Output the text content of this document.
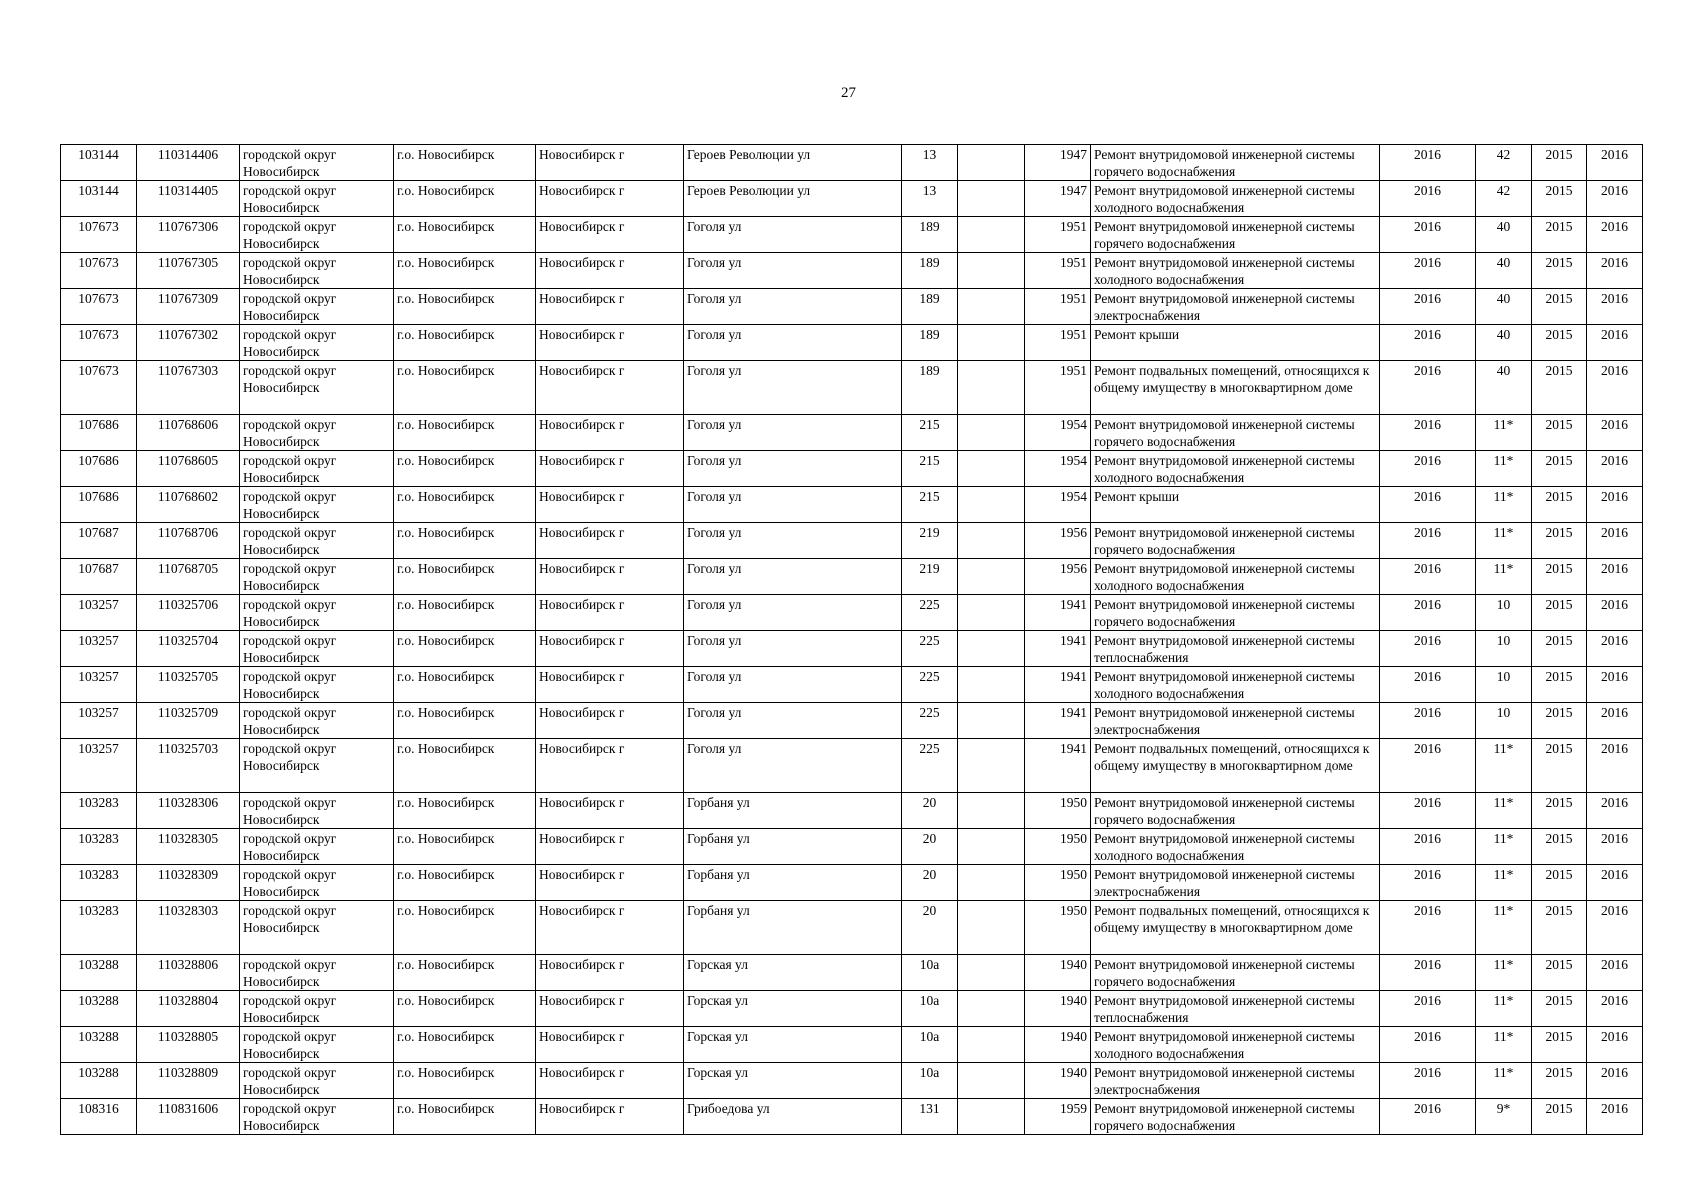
27
103144	110314406	городской округ Новосибирск	г.о. Новосибирск	Новосибирск г	Героев Революции ул	13		1947	Ремонт внутридомовой инженерной системы горячего водоснабжения	2016	42	2015	2016
103144	110314405	городской округ Новосибирск	г.о. Новосибирск	Новосибирск г	Героев Революции ул	13		1947	Ремонт внутридомовой инженерной системы холодного водоснабжения	2016	42	2015	2016
107673	110767306	городской округ Новосибирск	г.о. Новосибирск	Новосибирск г	Гоголя ул	189		1951	Ремонт внутридомовой инженерной системы горячего водоснабжения	2016	40	2015	2016
107673	110767305	городской округ Новосибирск	г.о. Новосибирск	Новосибирск г	Гоголя ул	189		1951	Ремонт внутридомовой инженерной системы холодного водоснабжения	2016	40	2015	2016
107673	110767309	городской округ Новосибирск	г.о. Новосибирск	Новосибирск г	Гоголя ул	189		1951	Ремонт внутридомовой инженерной системы электроснабжения	2016	40	2015	2016
107673	110767302	городской округ Новосибирск	г.о. Новосибирск	Новосибирск г	Гоголя ул	189		1951	Ремонт крыши	2016	40	2015	2016
107673	110767303	городской округ Новосибирск	г.о. Новосибирск	Новосибирск г	Гоголя ул	189		1951	Ремонт подвальных помещений, относящихся к общему имуществу в многоквартирном доме	2016	40	2015	2016
107686	110768606	городской округ Новосибирск	г.о. Новосибирск	Новосибирск г	Гоголя ул	215		1954	Ремонт внутридомовой инженерной системы горячего водоснабжения	2016	11*	2015	2016
107686	110768605	городской округ Новосибирск	г.о. Новосибирск	Новосибирск г	Гоголя ул	215		1954	Ремонт внутридомовой инженерной системы холодного водоснабжения	2016	11*	2015	2016
107686	110768602	городской округ Новосибирск	г.о. Новосибирск	Новосибирск г	Гоголя ул	215		1954	Ремонт крыши	2016	11*	2015	2016
107687	110768706	городской округ Новосибирск	г.о. Новосибирск	Новосибирск г	Гоголя ул	219		1956	Ремонт внутридомовой инженерной системы горячего водоснабжения	2016	11*	2015	2016
107687	110768705	городской округ Новосибирск	г.о. Новосибирск	Новосибирск г	Гоголя ул	219		1956	Ремонт внутридомовой инженерной системы холодного водоснабжения	2016	11*	2015	2016
103257	110325706	городской округ Новосибирск	г.о. Новосибирск	Новосибирск г	Гоголя ул	225		1941	Ремонт внутридомовой инженерной системы горячего водоснабжения	2016	10	2015	2016
103257	110325704	городской округ Новосибирск	г.о. Новосибирск	Новосибирск г	Гоголя ул	225		1941	Ремонт внутридомовой инженерной системы теплоснабжения	2016	10	2015	2016
103257	110325705	городской округ Новосибирск	г.о. Новосибирск	Новосибирск г	Гоголя ул	225		1941	Ремонт внутридомовой инженерной системы холодного водоснабжения	2016	10	2015	2016
103257	110325709	городской округ Новосибирск	г.о. Новосибирск	Новосибирск г	Гоголя ул	225		1941	Ремонт внутридомовой инженерной системы электроснабжения	2016	10	2015	2016
103257	110325703	городской округ Новосибирск	г.о. Новосибирск	Новосибирск г	Гоголя ул	225		1941	Ремонт подвальных помещений, относящихся к общему имуществу в многоквартирном доме	2016	11*	2015	2016
103283	110328306	городской округ Новосибирск	г.о. Новосибирск	Новосибирск г	Горбаня ул	20		1950	Ремонт внутридомовой инженерной системы горячего водоснабжения	2016	11*	2015	2016
103283	110328305	городской округ Новосибирск	г.о. Новосибирск	Новосибирск г	Горбаня ул	20		1950	Ремонт внутридомовой инженерной системы холодного водоснабжения	2016	11*	2015	2016
103283	110328309	городской округ Новосибирск	г.о. Новосибирск	Новосибирск г	Горбаня ул	20		1950	Ремонт внутридомовой инженерной системы электроснабжения	2016	11*	2015	2016
103283	110328303	городской округ Новосибирск	г.о. Новосибирск	Новосибирск г	Горбаня ул	20		1950	Ремонт подвальных помещений, относящихся к общему имуществу в многоквартирном доме	2016	11*	2015	2016
103288	110328806	городской округ Новосибирск	г.о. Новосибирск	Новосибирск г	Горская ул	10а		1940	Ремонт внутридомовой инженерной системы горячего водоснабжения	2016	11*	2015	2016
103288	110328804	городской округ Новосибирск	г.о. Новосибирск	Новосибирск г	Горская ул	10а		1940	Ремонт внутридомовой инженерной системы теплоснабжения	2016	11*	2015	2016
103288	110328805	городской округ Новосибирск	г.о. Новосибирск	Новосибирск г	Горская ул	10а		1940	Ремонт внутридомовой инженерной системы холодного водоснабжения	2016	11*	2015	2016
103288	110328809	городской округ Новосибирск	г.о. Новосибирск	Новосибирск г	Горская ул	10а		1940	Ремонт внутридомовой инженерной системы электроснабжения	2016	11*	2015	2016
108316	110831606	городской округ Новосибирск	г.о. Новосибирск	Новосибирск г	Грибоедова ул	131		1959	Ремонт внутридомовой инженерной системы горячего водоснабжения	2016	9*	2015	2016
